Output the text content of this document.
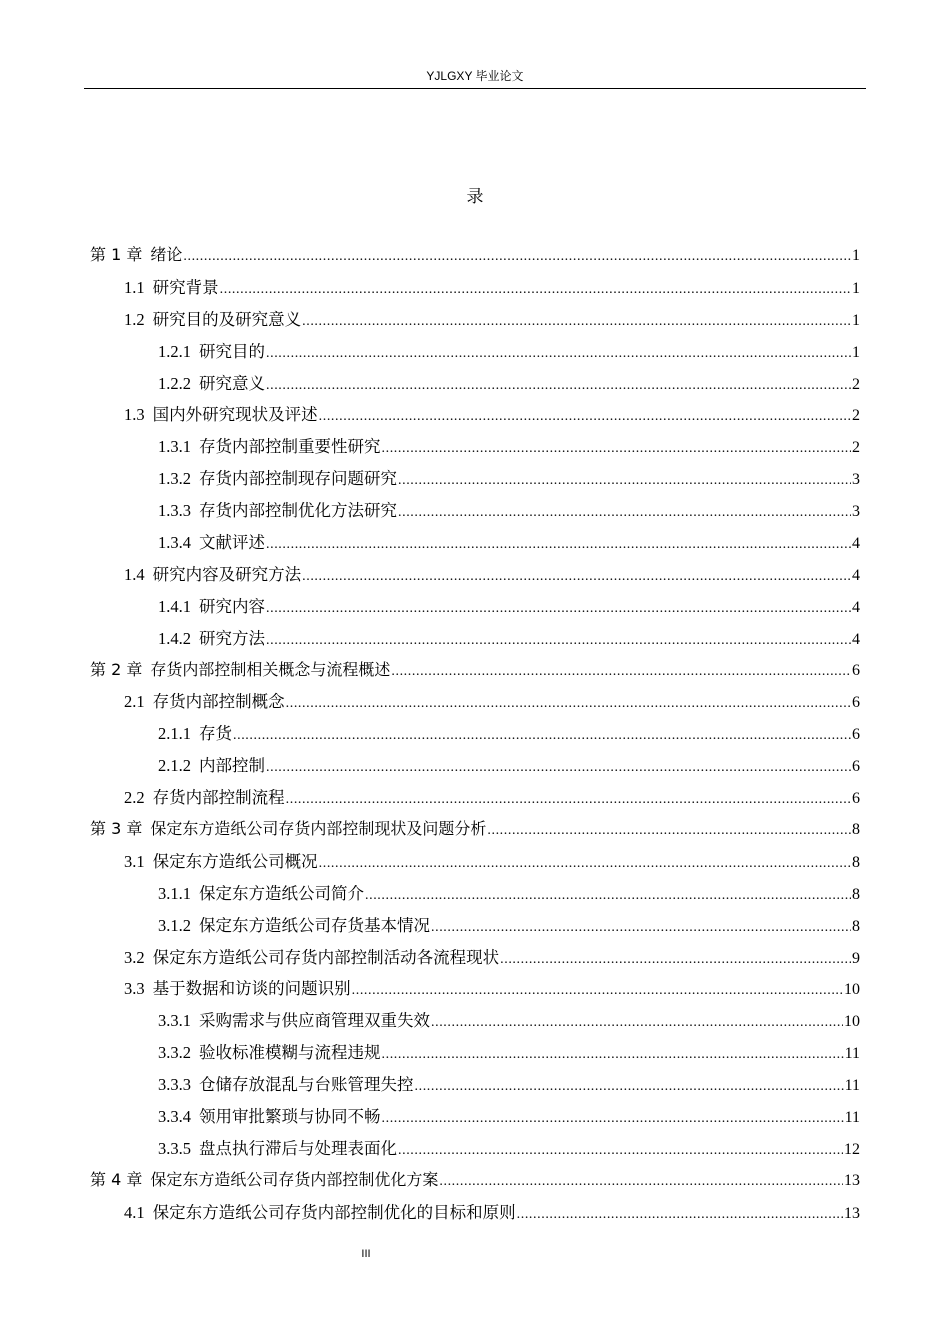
YJLGXY 毕业论文
录
第 1 章 绪论 .....	1
1.1 研究背景 .....	1
1.2 研究目的及研究意义 .....	1
1.2.1 研究目的 .....	1
1.2.2 研究意义 .....	2
1.3 国内外研究现状及评述 .....	2
1.3.1 存货内部控制重要性研究 .....	2
1.3.2 存货内部控制现存问题研究 .....	3
1.3.3 存货内部控制优化方法研究 .....	3
1.3.4 文献评述 .....	4
1.4 研究内容及研究方法 .....	4
1.4.1 研究内容 .....	4
1.4.2 研究方法 .....	4
第 2 章 存货内部控制相关概念与流程概述 .....	6
2.1 存货内部控制概念 .....	6
2.1.1 存货 .....	6
2.1.2 内部控制 .....	6
2.2 存货内部控制流程 .....	6
第 3 章 保定东方造纸公司存货内部控制现状及问题分析 .....	8
3.1 保定东方造纸公司概况 .....	8
3.1.1 保定东方造纸公司简介 .....	8
3.1.2 保定东方造纸公司存货基本情况 .....	8
3.2 保定东方造纸公司存货内部控制活动各流程现状 .....	9
3.3 基于数据和访谈的问题识别 .....	10
3.3.1 采购需求与供应商管理双重失效 .....	10
3.3.2 验收标准模糊与流程违规 .....	11
3.3.3 仓储存放混乱与台账管理失控 .....	11
3.3.4 领用审批繁琐与协同不畅 .....	11
3.3.5 盘点执行滞后与处理表面化 .....	12
第 4 章 保定东方造纸公司存货内部控制优化方案 .....	13
4.1 保定东方造纸公司存货内部控制优化的目标和原则 .....	13
III
